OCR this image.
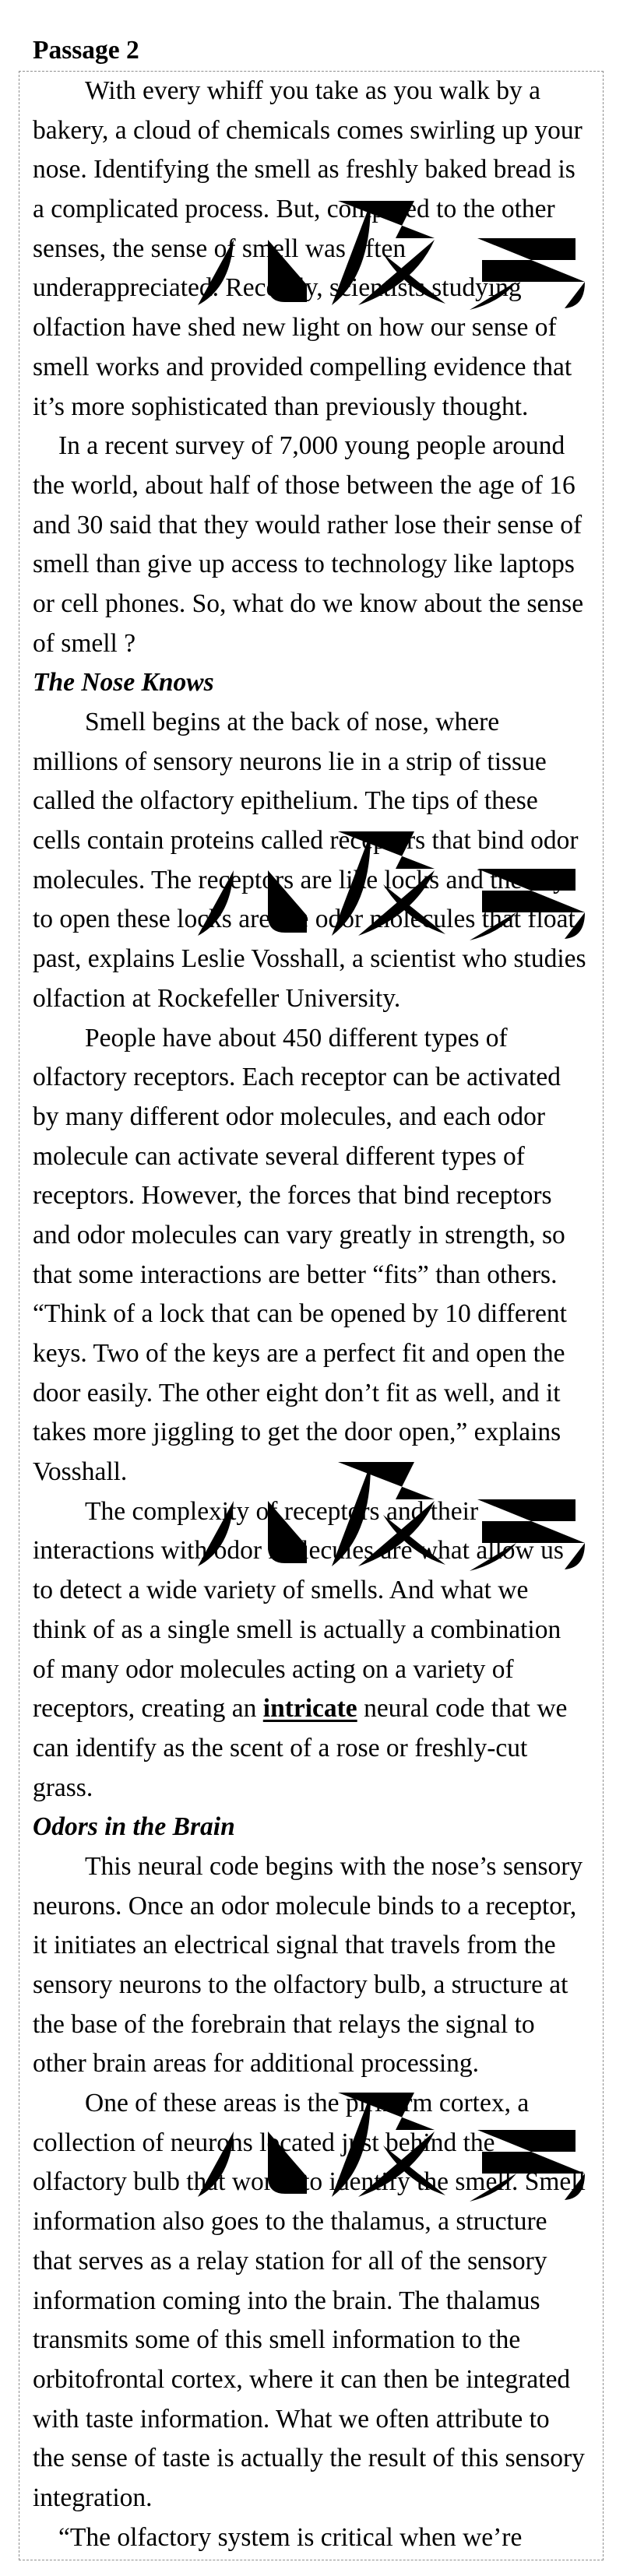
Passage 2
With every whiff you take as you walk by a
bakery, a cloud of chemicals comes swirling up your
nose. Identifying the smell as freshly baked bread is
a complicated process. But, compared to the other
senses, the sense of smell was often
underappreciated. Recently, scientists studying
olfaction have shed new light on how our sense of
smell works and provided compelling evidence that
it’s more sophisticated than previously thought.
In a recent survey of 7,000 young people around
the world, about half of those between the age of 16
and 30 said that they would rather lose their sense of
smell than give up access to technology like laptops
or cell phones. So, what do we know about the sense
of smell ?
The Nose Knows
Smell begins at the back of nose, where
millions of sensory neurons lie in a strip of tissue
called the olfactory epithelium. The tips of these
cells contain proteins called receptors that bind odor
molecules. The receptors are like locks and the keys
to open these locks are the odor molecules that float
past, explains Leslie Vosshall, a scientist who studies
olfaction at Rockefeller University.
People have about 450 different types of
olfactory receptors. Each receptor can be activated
by many different odor molecules, and each odor
molecule can activate several different types of
receptors. However, the forces that bind receptors
and odor molecules can vary greatly in strength, so
that some interactions are better “fits” than others.
“Think of a lock that can be opened by 10 different
keys. Two of the keys are a perfect fit and open the
door easily. The other eight don’t fit as well, and it
takes more jiggling to get the door open,” explains
Vosshall.
The complexity of receptors and their
interactions with odor molecules are what allow us
to detect a wide variety of smells. And what we
think of as a single smell is actually a combination
of many odor molecules acting on a variety of
receptors, creating an intricate neural code that we
can identify as the scent of a rose or freshly-cut
grass.
Odors in the Brain
This neural code begins with the nose’s sensory
neurons. Once an odor molecule binds to a receptor,
it initiates an electrical signal that travels from the
sensory neurons to the olfactory bulb, a structure at
the base of the forebrain that relays the signal to
other brain areas for additional processing.
One of these areas is the piriform cortex, a
collection of neurons located just behind the
olfactory bulb that works to identify the smell. Smell
information also goes to the thalamus, a structure
that serves as a relay station for all of the sensory
information coming into the brain. The thalamus
transmits some of this smell information to the
orbitofrontal cortex, where it can then be integrated
with taste information. What we often attribute to
the sense of taste is actually the result of this sensory
integration.
“The olfactory system is critical when we’re
